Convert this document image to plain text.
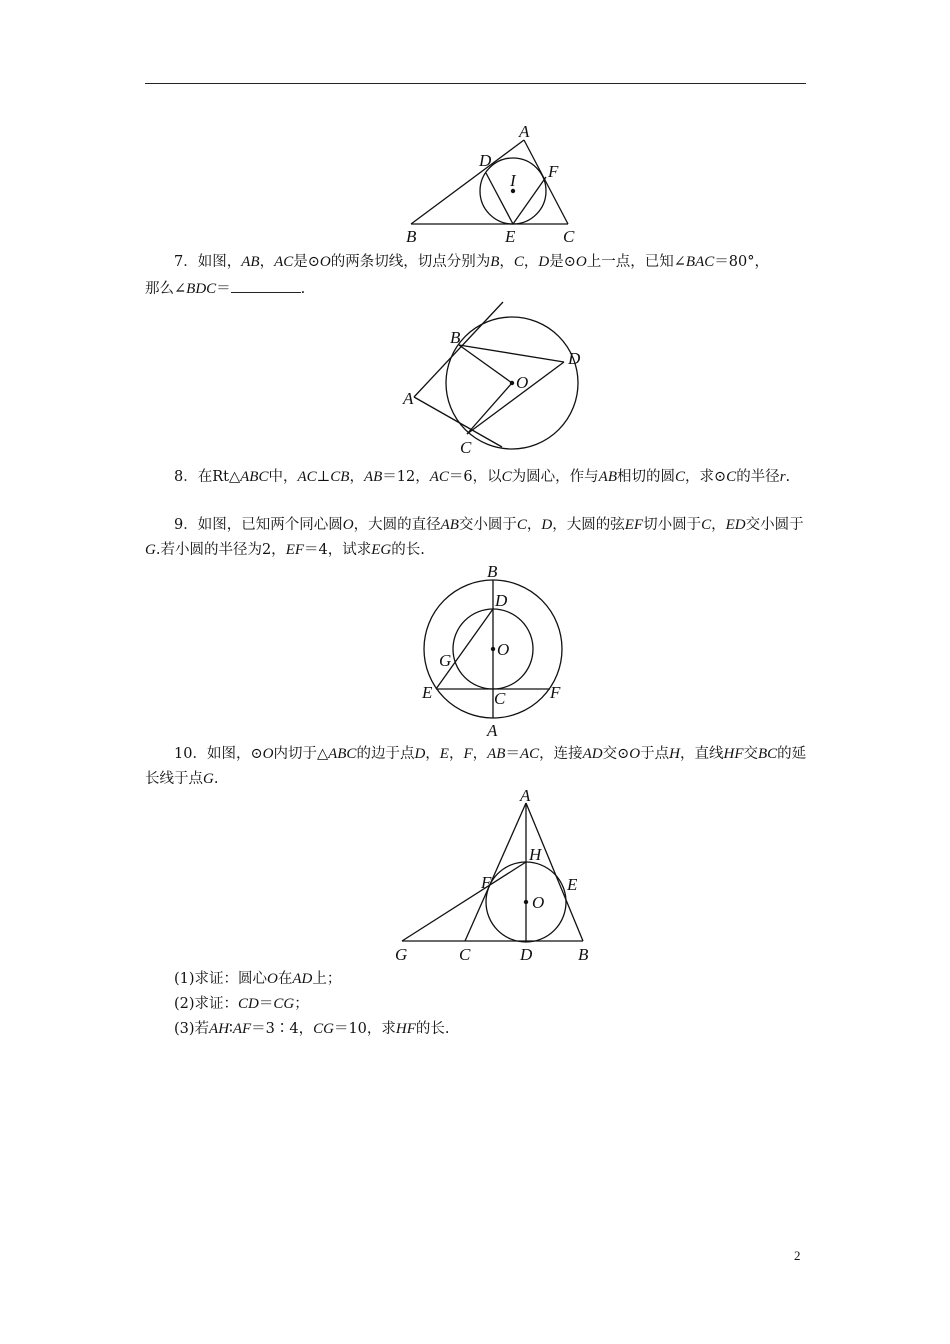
A
B	C
D
E
F
I

7．如图，AB，AC是⊙O的两条切线，切点分别为B，C，D是⊙O上一点，已知∠BAC＝80°，

那么∠BDC＝	.

A
B
C
D
O

8．在Rt△ABC中，AC⊥CB，AB＝12，AC＝6，以C为圆心，作与AB相切的圆C，求⊙C的半径r.

9．如图，已知两个同心圆O，大圆的直径AB交小圆于C，D，大圆的弦EF切小圆于C，ED交小圆于G.若小圆的半径为2，EF＝4，试求EG的长.

A
B
C
D
E	F
G
O

10．如图，⊙O内切于△ABC的边于点D，E，F，AB＝AC，连接AD交⊙O于点H，直线HF交BC的延长线于点G.

A
B
C	D
E
F
G
H
O

(1)求证：圆心O在AD上；

(2)求证：CD＝CG；

(3)若AH∶AF＝3∶4，CG＝10，求HF的长.

2
